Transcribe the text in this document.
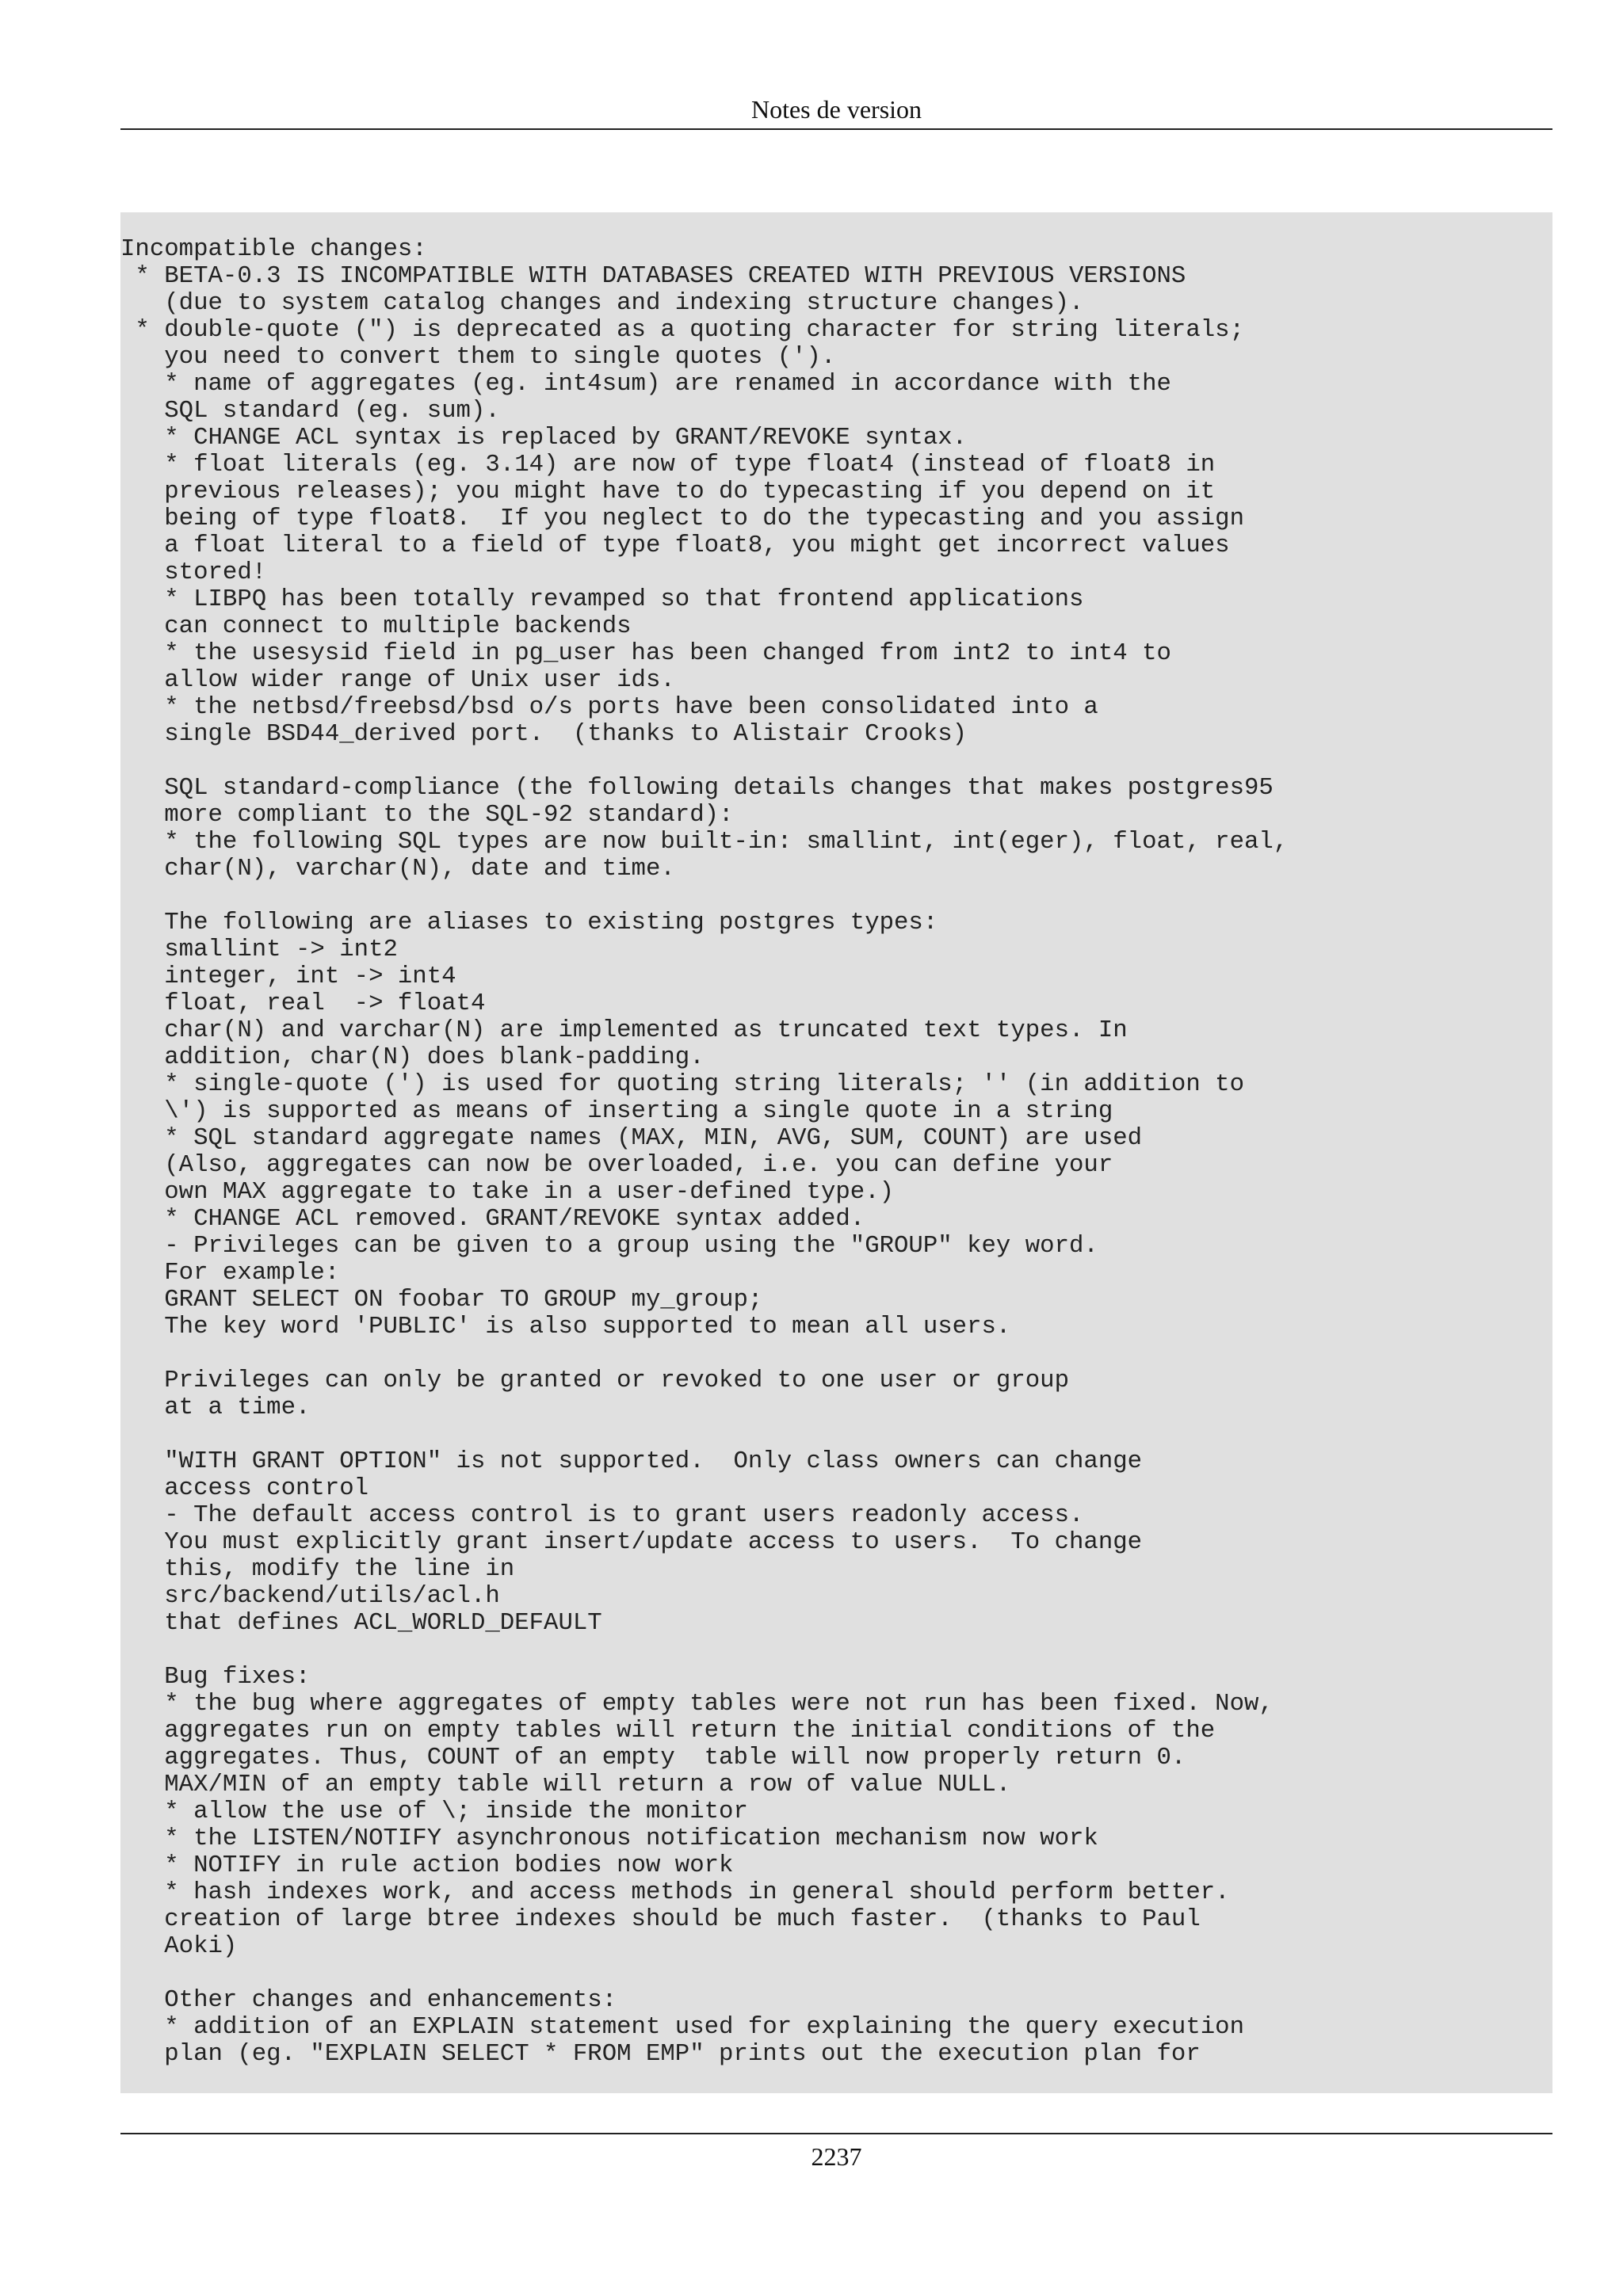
Notes de version
Incompatible changes:
* BETA-0.3 IS INCOMPATIBLE WITH DATABASES CREATED WITH PREVIOUS VERSIONS
(due to system catalog changes and indexing structure changes).
* double-quote (") is deprecated as a quoting character for string literals;
you need to convert them to single quotes (').
* name of aggregates (eg. int4sum) are renamed in accordance with the
SQL standard (eg. sum).
* CHANGE ACL syntax is replaced by GRANT/REVOKE syntax.
* float literals (eg. 3.14) are now of type float4 (instead of float8 in
previous releases); you might have to do typecasting if you depend on it
being of type float8.  If you neglect to do the typecasting and you assign
a float literal to a field of type float8, you might get incorrect values
stored!
* LIBPQ has been totally revamped so that frontend applications
can connect to multiple backends
* the usesysid field in pg_user has been changed from int2 to int4 to
allow wider range of Unix user ids.
* the netbsd/freebsd/bsd o/s ports have been consolidated into a
single BSD44_derived port.  (thanks to Alistair Crooks)
SQL standard-compliance (the following details changes that makes postgres95
more compliant to the SQL-92 standard):
* the following SQL types are now built-in: smallint, int(eger), float, real,
char(N), varchar(N), date and time.
The following are aliases to existing postgres types:
smallint -> int2
integer, int -> int4
float, real  -> float4
char(N) and varchar(N) are implemented as truncated text types. In
addition, char(N) does blank-padding.
* single-quote (') is used for quoting string literals; '' (in addition to
\') is supported as means of inserting a single quote in a string
* SQL standard aggregate names (MAX, MIN, AVG, SUM, COUNT) are used
(Also, aggregates can now be overloaded, i.e. you can define your
own MAX aggregate to take in a user-defined type.)
* CHANGE ACL removed. GRANT/REVOKE syntax added.
- Privileges can be given to a group using the "GROUP" key word.
For example:
GRANT SELECT ON foobar TO GROUP my_group;
The key word 'PUBLIC' is also supported to mean all users.
Privileges can only be granted or revoked to one user or group
at a time.
"WITH GRANT OPTION" is not supported.  Only class owners can change
access control
- The default access control is to grant users readonly access.
You must explicitly grant insert/update access to users.  To change
this, modify the line in
src/backend/utils/acl.h
that defines ACL_WORLD_DEFAULT
Bug fixes:
* the bug where aggregates of empty tables were not run has been fixed. Now,
aggregates run on empty tables will return the initial conditions of the
aggregates. Thus, COUNT of an empty  table will now properly return 0.
MAX/MIN of an empty table will return a row of value NULL.
* allow the use of \; inside the monitor
* the LISTEN/NOTIFY asynchronous notification mechanism now work
* NOTIFY in rule action bodies now work
* hash indexes work, and access methods in general should perform better.
creation of large btree indexes should be much faster.  (thanks to Paul
Aoki)
Other changes and enhancements:
* addition of an EXPLAIN statement used for explaining the query execution
plan (eg. "EXPLAIN SELECT * FROM EMP" prints out the execution plan for
2237
